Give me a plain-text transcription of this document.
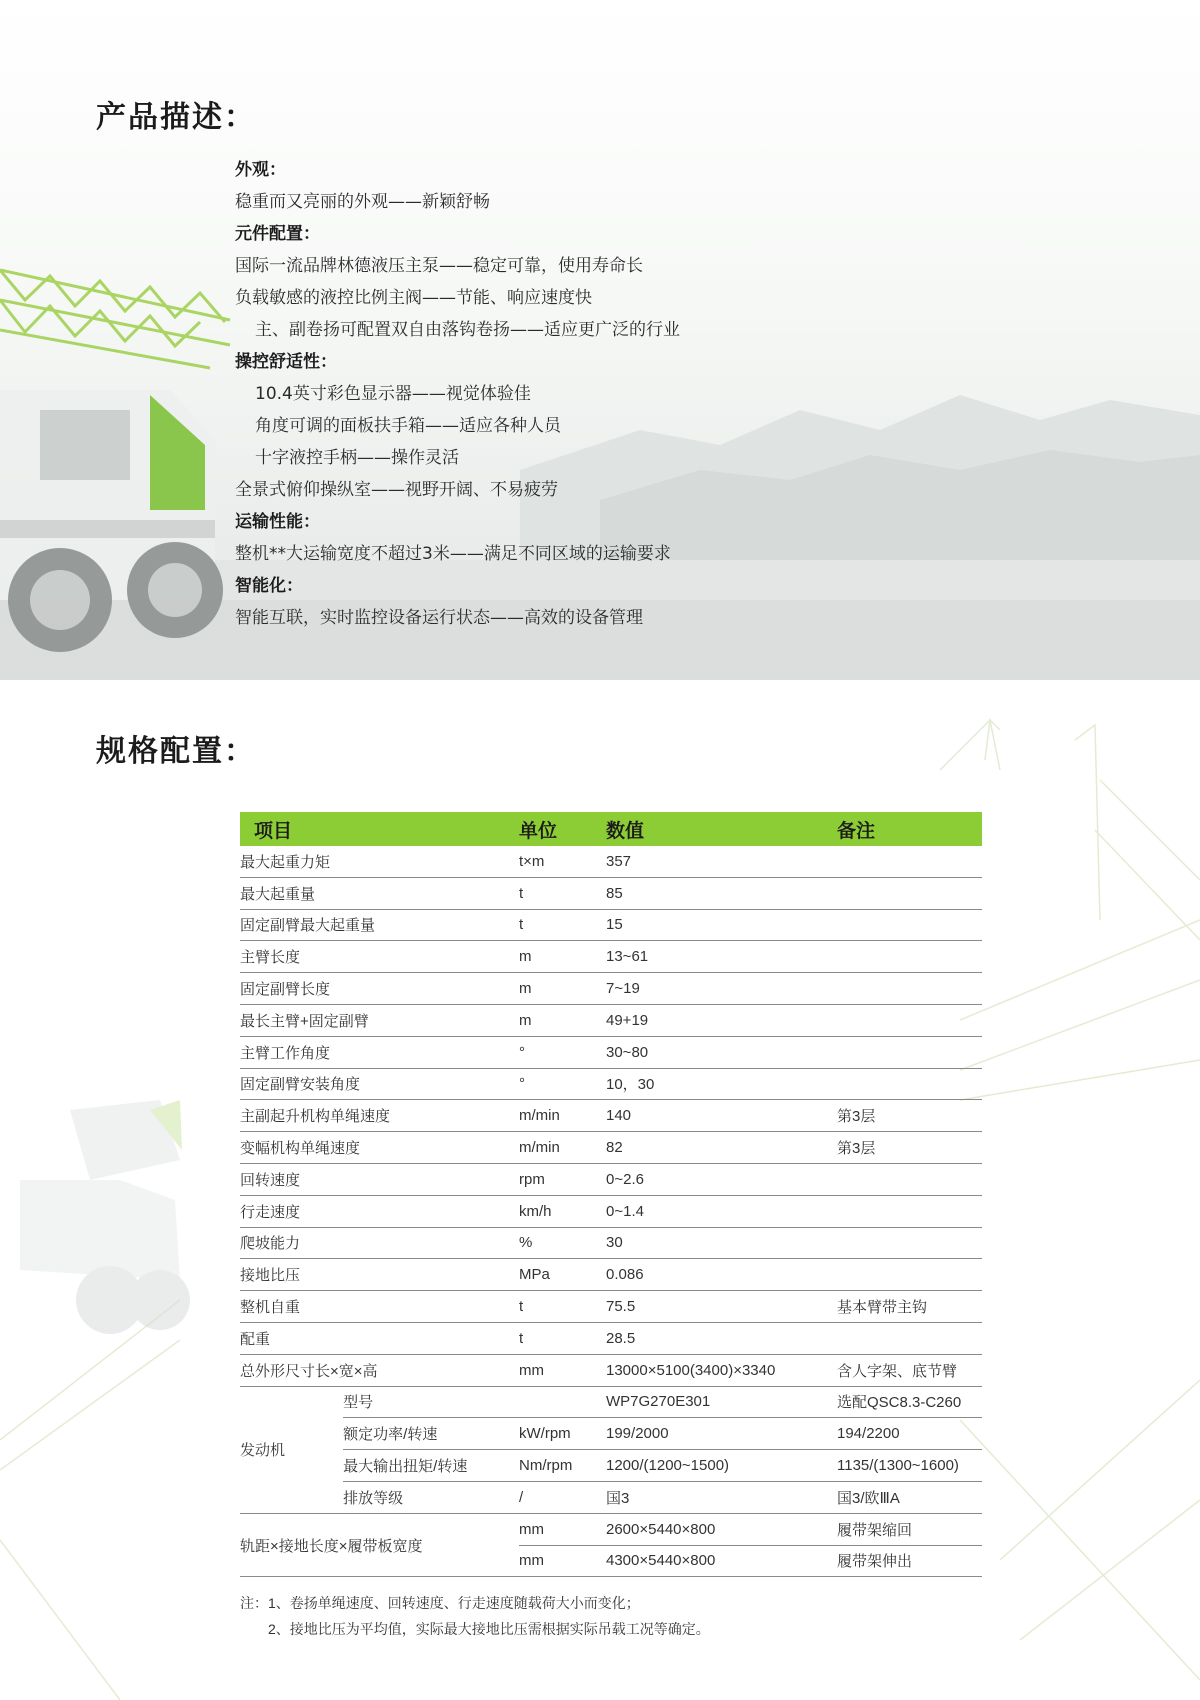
产品描述：
外观：
稳重而又亮丽的外观——新颖舒畅
元件配置：
国际一流品牌林德液压主泵——稳定可靠，使用寿命长
负载敏感的液控比例主阀——节能、响应速度快
主、副卷扬可配置双自由落钩卷扬——适应更广泛的行业
操控舒适性：
10.4英寸彩色显示器——视觉体验佳
角度可调的面板扶手箱——适应各种人员
十字液控手柄——操作灵活
全景式俯仰操纵室——视野开阔、不易疲劳
运输性能：
整机**大运输宽度不超过3米——满足不同区域的运输要求
智能化：
智能互联，实时监控设备运行状态——高效的设备管理
规格配置：
项目		单位	数值	备注
最大起重力矩		t×m	357	
最大起重量		t	85	
固定副臂最大起重量		t	15	
主臂长度		m	13~61	
固定副臂长度		m	7~19	
最长主臂+固定副臂		m	49+19	
主臂工作角度		°	30~80	
固定副臂安装角度		°	10，30	
主副起升机构单绳速度		m/min	140	第3层
变幅机构单绳速度		m/min	82	第3层
回转速度		rpm	0~2.6	
行走速度		km/h	0~1.4	
爬坡能力		%	30	
接地比压		MPa	0.086	
整机自重		t	75.5	基本臂带主钩
配重		t	28.5	
总外形尺寸长×宽×高		mm	13000×5100(3400)×3340	含人字架、底节臂
发动机	型号		WP7G270E301	选配QSC8.3-C260
	额定功率/转速	kW/rpm	199/2000	194/2200
	最大输出扭矩/转速	Nm/rpm	1200/(1200~1500)	1135/(1300~1600)
	排放等级	/	国3	国3/欧ⅢA
轨距×接地长度×履带板宽度		mm	2600×5440×800	履带架缩回
		mm	4300×5440×800	履带架伸出
注：1、卷扬单绳速度、回转速度、行走速度随载荷大小而变化；
2、接地比压为平均值，实际最大接地比压需根据实际吊载工况等确定。
